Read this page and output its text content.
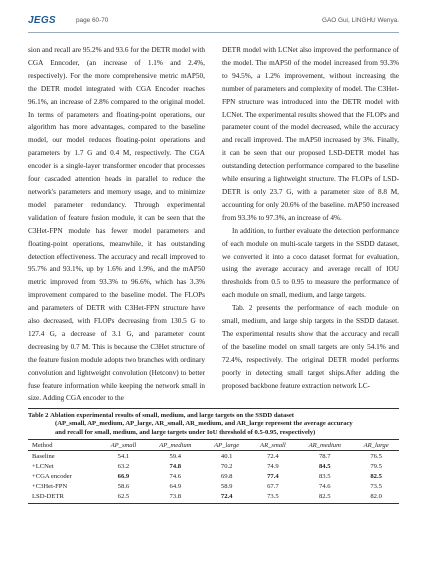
JEGS	page 60-70	GAO Gui, LINGHU Wenya.

sion and recall are 95.2% and 93.6 for the DETR model with CGA Enncoder, (an increase of 1.1% and 2.4%, respectively). For the more comprehensive metric mAP50, the DETR model integrated with CGA Encoder reaches 96.1%, an increase of 2.8% compared to the original model. In terms of parameters and floating-point operations, our algorithm has more advantages, compared to the baseline model, our model reduces floating-point operations and parameters by 1.7 G and 0.4 M, respectively. The CGA encoder is a single-layer transformer encoder that processes four cascaded attention heads in parallel to reduce the network's parameters and memory usage, and to minimize model parameter redundancy. Through experimental validation of feature fusion module, it can be seen that the C3Het-FPN module has fewer model parameters and floating-point operations, meanwhile, it has outstanding detection effectiveness. The accuracy and recall improved to 95.7% and 93.1%, up by 1.6% and 1.9%, and the mAP50 metric improved from 93.3% to 96.6%, which has 3.3% improvement compared to the baseline model. The FLOPs and parameters of DETR with C3Het-FPN structure have also decreased, with FLOPs decreasing from 130.5 G to 127.4 G, a decrease of 3.1 G, and parameter count decreasing by 0.7 M. This is because the C3Het structure of the feature fusion module adopts two branches with ordinary convolution and lightweight convolution (Hetconv) to better fuse feature information while keeping the network small in size. Adding CGA encoder to the

DETR model with LCNet also improved the performance of the model. The mAP50 of the model increased from 93.3% to 94.5%, a 1.2% improvement, without increasing the number of parameters and complexity of model. The C3Het-FPN structure was introduced into the DETR model with LCNet. The experimental results showed that the FLOPs and parameter count of the model decreased, while the accuracy and recall improved. The mAP50 increased by 3%. Finally, it can be seen that our proposed LSD-DETR model has outstanding detection performance compared to the baseline while ensuring a lightweight structure. The FLOPs of LSD-DETR is only 23.7 G, with a parameter size of 8.8 M, accounting for only 20.6% of the baseline. mAP50 increased from 93.3% to 97.3%, an increase of 4%.

In addition, to further evaluate the detection performance of each module on multi-scale targets in the SSDD dataset, we converted it into a coco dataset format for evaluation, using the average accuracy and average recall of IOU thresholds from 0.5 to 0.95 to measure the performance of each module on small, medium, and large targets.

Tab. 2 presents the performance of each module on small, medium, and large ship targets in the SSDD dataset. The experimental results show that the accuracy and recall of the baseline model on small targets are only 54.1% and 72.4%, respectively. The original DETR model performs poorly in detecting small target ships.After adding the proposed backbone feature extraction network LC-

Table 2 Ablation experimental results of small, medium, and large targets on the SSDD dataset
(AP_small, AP_medium, AP_large, AR_small, AR_medium, and AR_large represent the average accuracy
and recall for small, medium, and large targets under IoU threshold of 0.5-0.95, respectively)
Method	AP_small	AP_medium	AP_large	AR_small	AR_medium	AR_large
Baseline	54.1	59.4	40.1	72.4	78.7	76.5
+LCNet	63.2	74.8	70.2	74.9	84.5	79.5
+CGA encoder	66.9	74.6	69.8	77.4	83.5	82.5
+C3Het-FPN	58.6	64.9	58.9	67.7	74.6	73.5
LSD-DETR	62.5	73.8	72.4	73.5	82.5	82.0
